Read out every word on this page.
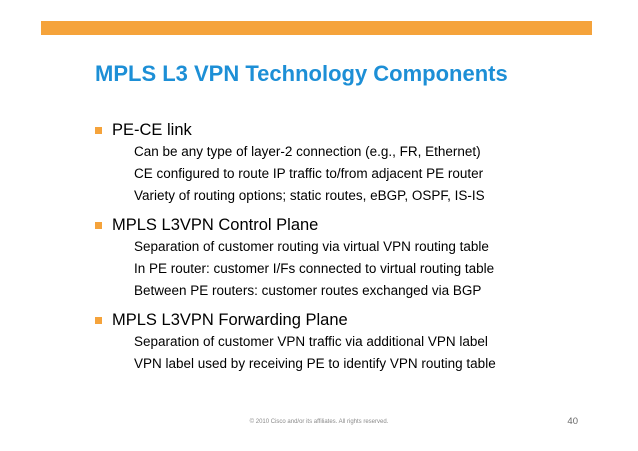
MPLS L3 VPN Technology Components
PE-CE link
Can be any type of layer-2 connection (e.g., FR, Ethernet)
CE configured to route IP traffic to/from adjacent PE router
Variety of routing options; static routes, eBGP, OSPF, IS-IS
MPLS L3VPN Control Plane
Separation of customer routing via virtual VPN routing table
In PE router: customer I/Fs connected to virtual routing table
Between PE routers: customer routes exchanged via BGP
MPLS L3VPN Forwarding Plane
Separation of customer VPN traffic via additional VPN label
VPN label used by receiving PE to identify VPN routing table
© 2010 Cisco and/or its affiliates. All rights reserved.	40
